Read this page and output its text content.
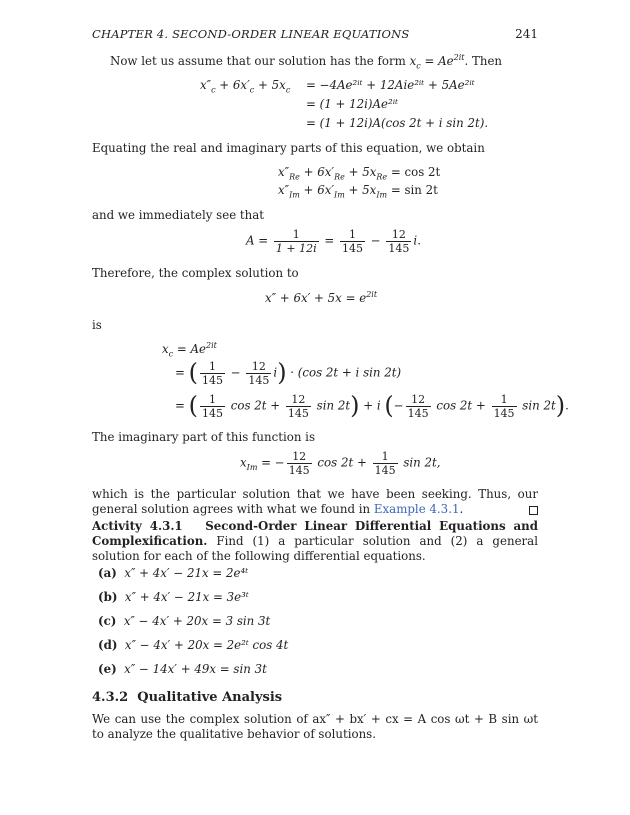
CHAPTER 4. SECOND-ORDER LINEAR EQUATIONS	241
Now let us assume that our solution has the form $x_c = Ae^{2it}$. Then
$x''_c + 6x'_c + 5x_c$ = −4Ae²ⁱᵗ + 12Aie²ⁱᵗ + 5Ae²ⁱᵗ
= (1 + 12i)Ae²ⁱᵗ
= (1 + 12i)A(cos 2t + i sin 2t).
Equating the real and imaginary parts of this equation, we obtain
$x''_{Re} + 6x'_{Re} + 5x_{Re} = \cos 2t$
$x''_{Im} + 6x'_{Im} + 5x_{Im} = \sin 2t$
and we immediately see that
$A = \frac{1}{1 + 12i} = \frac{1}{145} - \frac{12}{145} i$.
Therefore, the complex solution to
$x'' + 6x' + 5x = e^{2it}$
is
$x_c = Ae^{2it}$
= ( $\frac{1}{145} - \frac{12}{145} i) \cdot (\cos$ 2t + i sin 2t)
= ( $\frac{1}{145}$ $\cos 2t + \frac{12}{145}$ sin 2t) + i (− $\frac{12}{145}$ $\cos 2t + \frac{1}{145}$ sin 2t).
The imaginary part of this function is
$x_{Im}$ = − $\frac{12}{145}$ $\cos 2t + \frac{1}{145}$ sin 2t,
which is the particular solution that we have been seeking. Thus, our general solution agrees with what we found in Example 4.3.1.
Activity 4.3.1 Second-Order Linear Differential Equations and Complexification. Find (1) a particular solution and (2) a general solution for each of the following differential equations.
(a) x″ + 4x′ − 21x = 2e⁴ᵗ
(b) x″ + 4x′ − 21x = 3e³ᵗ
(c) x″ − 4x′ + 20x = 3 sin 3t
(d) x″ − 4x′ + 20x = 2e²ᵗ cos 4t
(e) x″ − 14x′ + 49x = sin 3t
4.3.2 Qualitative Analysis
We can use the complex solution of ax″ + bx′ + cx = A cos ωt + B sin ωt to analyze the qualitative behavior of solutions.
